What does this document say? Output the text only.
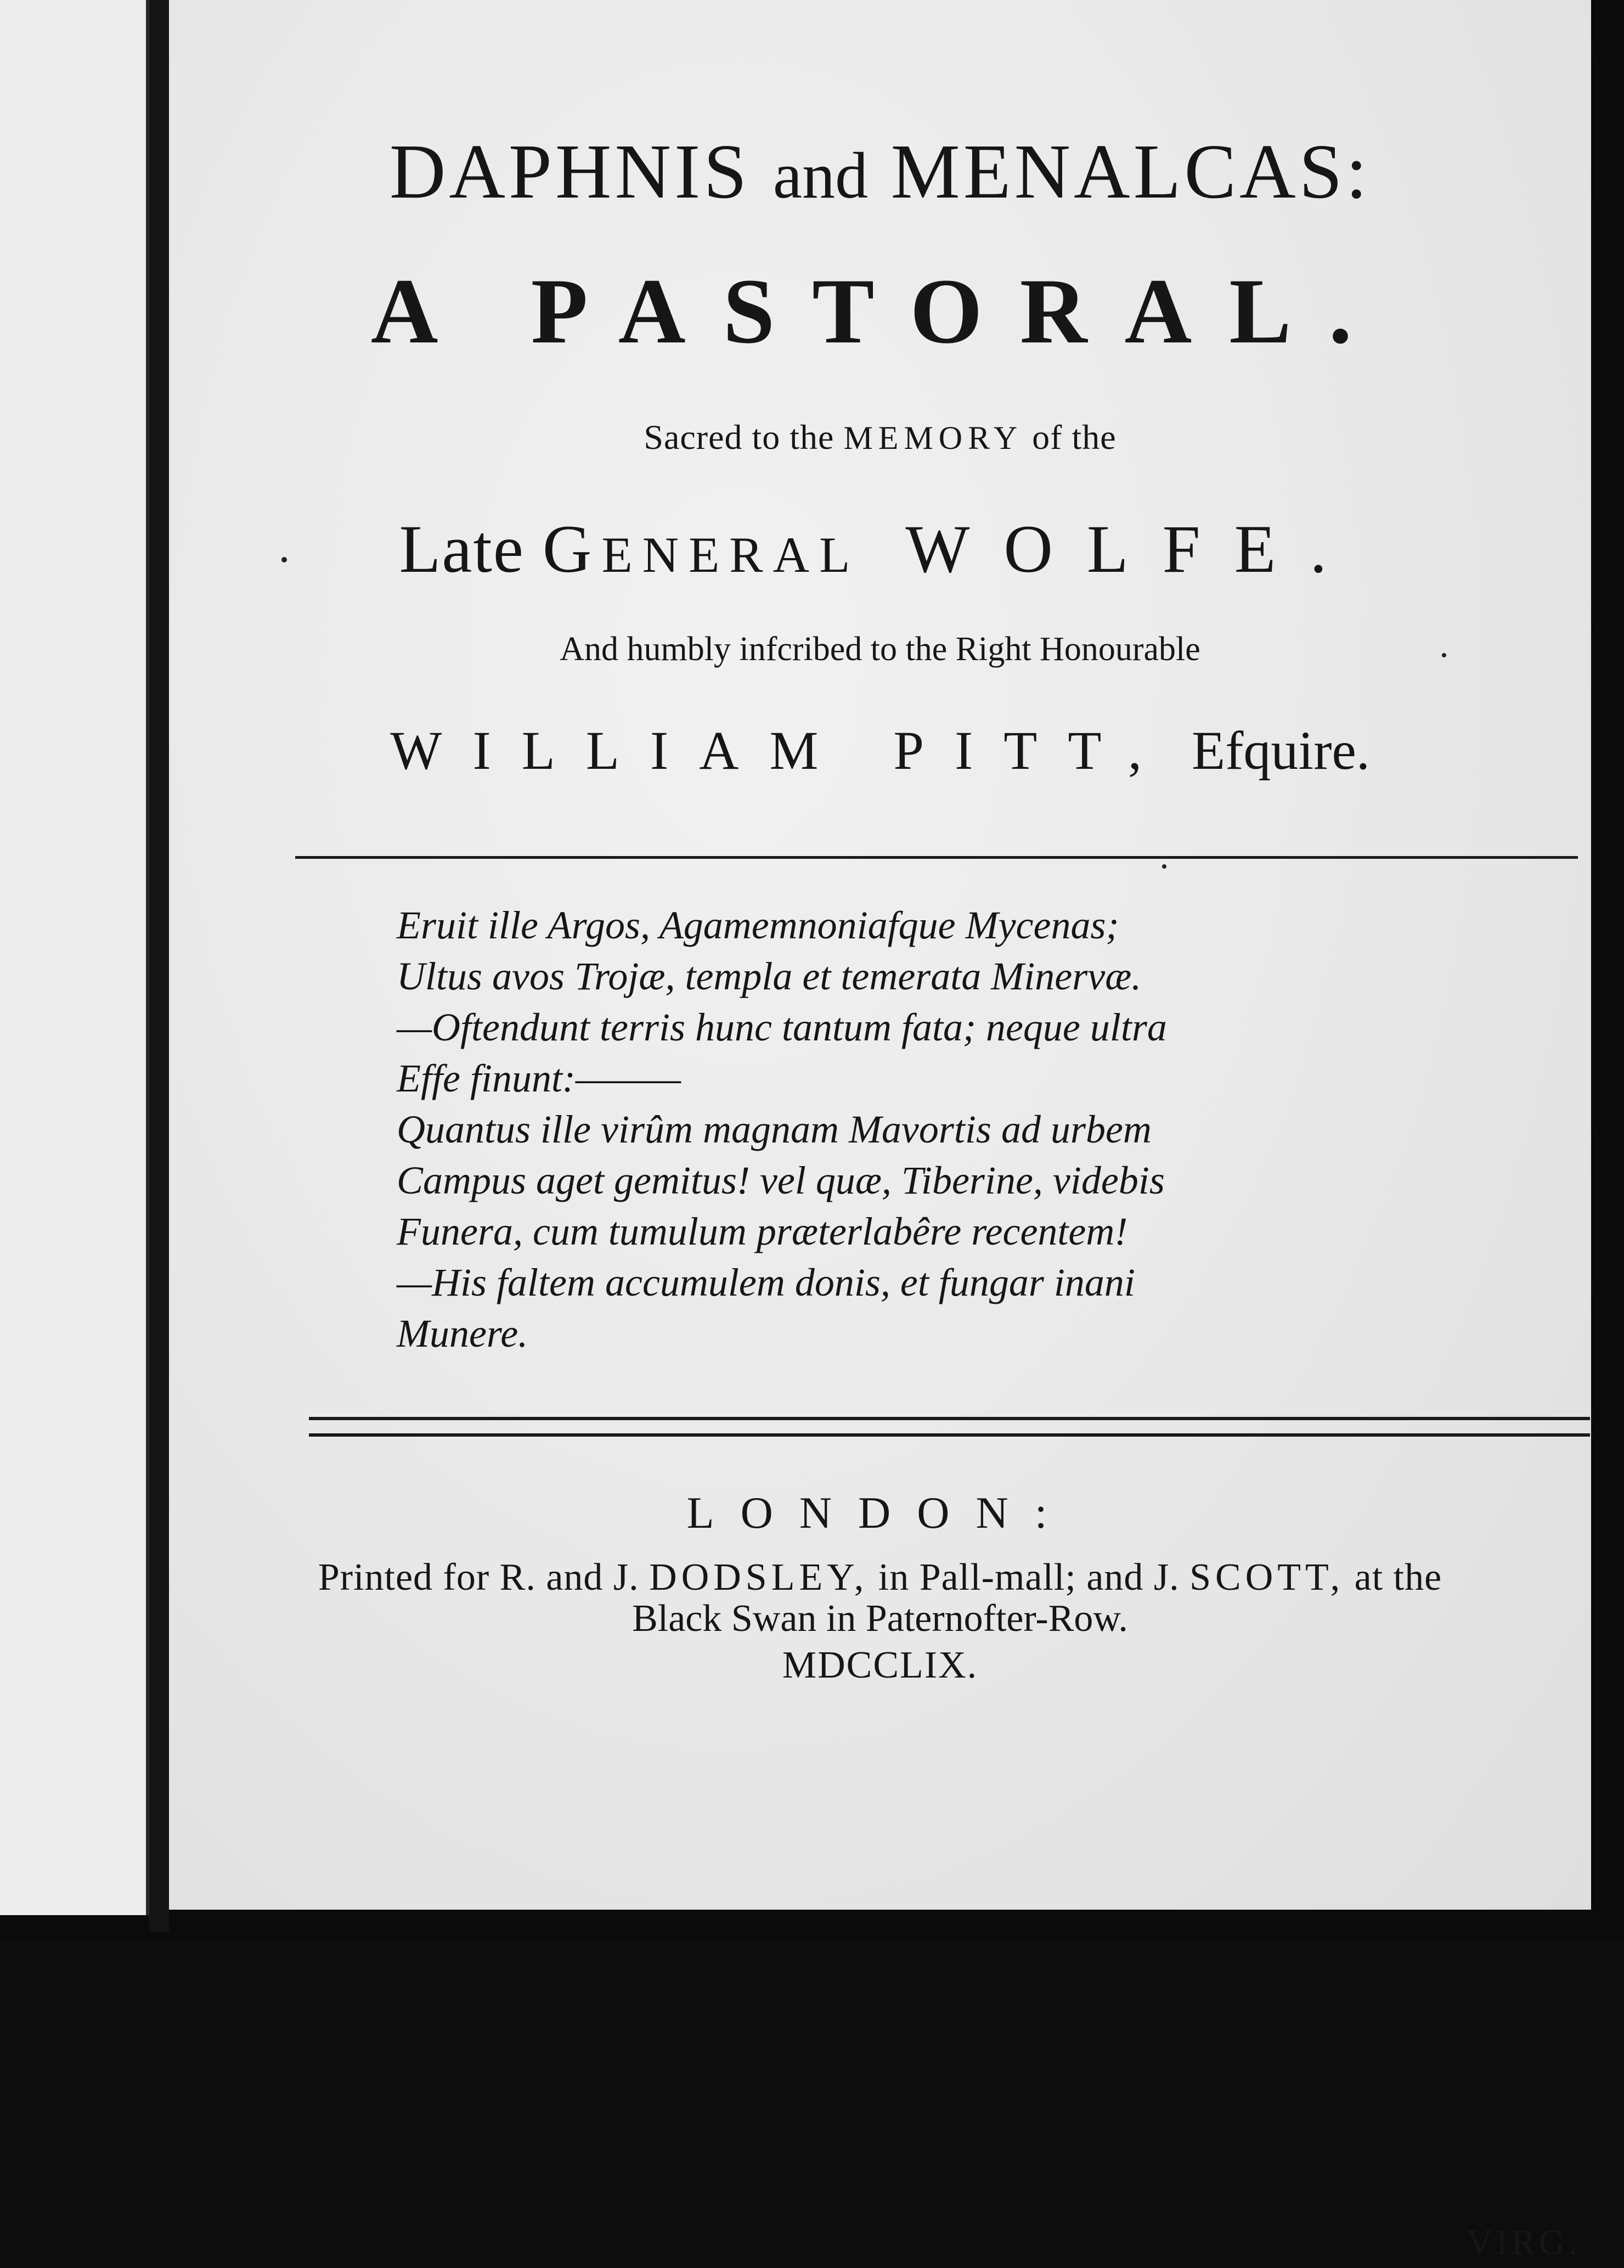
DAPHNIS and MENALCAS:
A PASTORAL.

Sacred to the MEMORY of the

Late GENERAL WOLFE.

And humbly infcribed to the Right Honourable

WILLIAM PITT, Efquire.

Eruit ille Argos, Agamemnoniafque Mycenas;
Ultus avos Trojæ, templa et temerata Minervæ.
—Oftendunt terris hunc tantum fata; neque ultra
Effe finunt:———
Quantus ille virûm magnam Mavortis ad urbem
Campus aget gemitus! vel quæ, Tiberine, videbis
Funera, cum tumulum præterlabêre recentem!
—His faltem accumulem donis, et fungar inani
Munere.
VIRG.

LONDON:

Printed for R. and J. DODSLEY, in Pall-mall; and J. SCOTT, at the

Black Swan in Paternofter-Row.

MDCCLIX.
